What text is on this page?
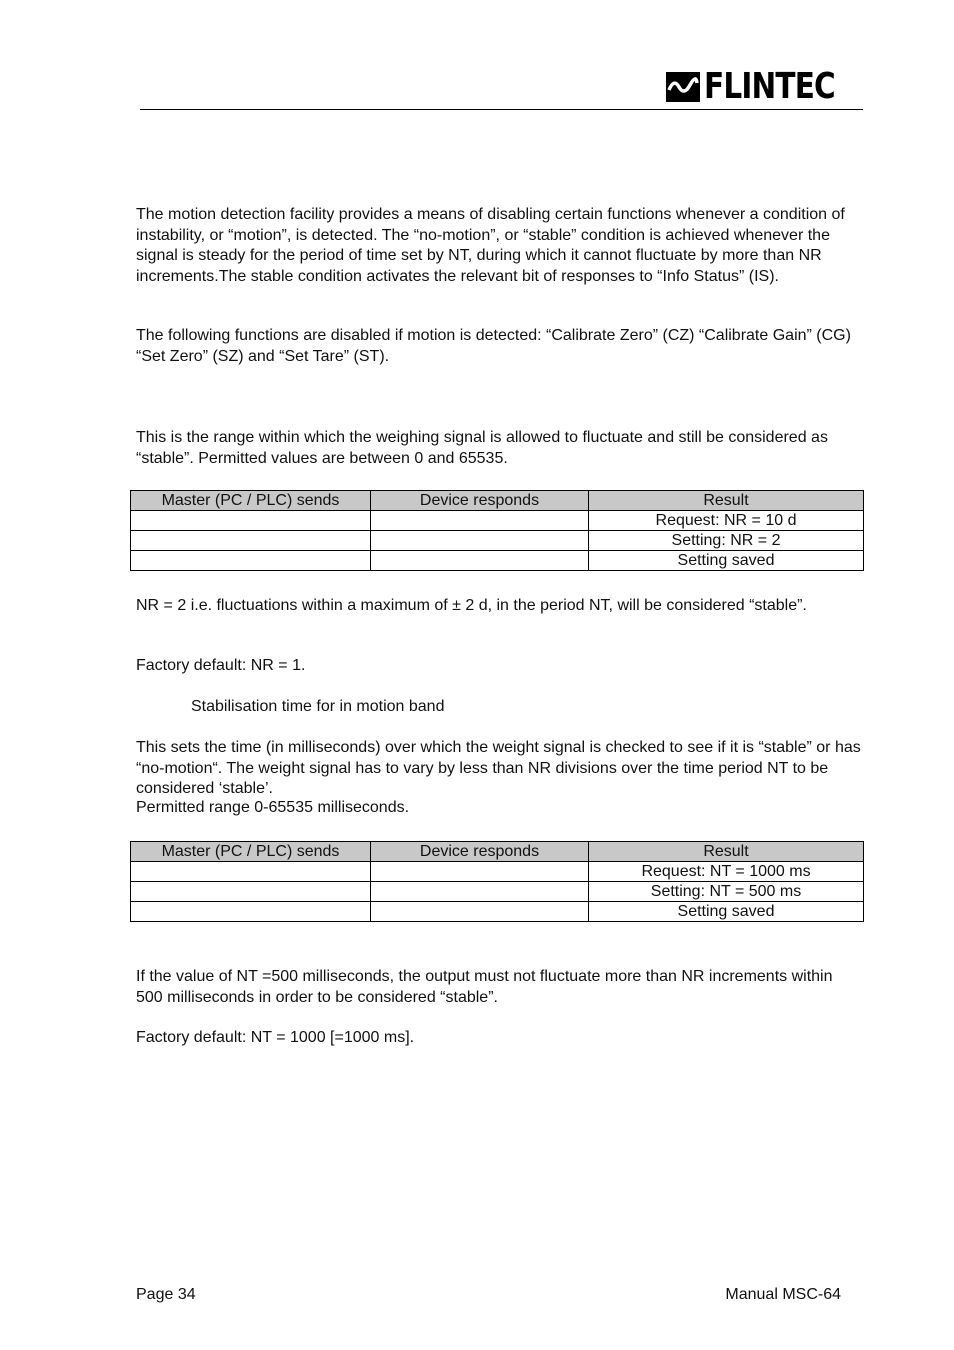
FLINTEC

The motion detection facility provides a means of disabling certain functions whenever a condition of instability, or “motion”, is detected. The “no-motion”, or “stable” condition is achieved whenever the signal is steady for the period of time set by NT, during which it cannot fluctuate by more than NR increments.The stable condition activates the relevant bit of responses to “Info Status” (IS).

The following functions are disabled if motion is detected: “Calibrate Zero” (CZ) “Calibrate Gain” (CG) “Set Zero” (SZ) and “Set Tare” (ST).

This is the range within which the weighing signal is allowed to fluctuate and still be considered as “stable”. Permitted values are between 0 and 65535.

Master (PC / PLC) sends	Device responds	Result
		Request: NR = 10 d
		Setting: NR = 2
		Setting saved

NR = 2 i.e. fluctuations within a maximum of ± 2 d, in the period NT, will be considered “stable”.

Factory default: NR = 1.

Stabilisation time for in motion band

This sets the time (in milliseconds) over which the weight signal is checked to see if it is “stable” or has “no-motion“. The weight signal has to vary by less than NR divisions over the time period NT to be considered ‘stable’.

Permitted range 0-65535 milliseconds.

Master (PC / PLC) sends	Device responds	Result
		Request: NT = 1000 ms
		Setting: NT = 500 ms
		Setting saved

If the value of NT =500 milliseconds, the output must not fluctuate more than NR increments within 500 milliseconds in order to be considered “stable”.

Factory default: NT = 1000 [=1000 ms].

Page 34	Manual MSC-64
